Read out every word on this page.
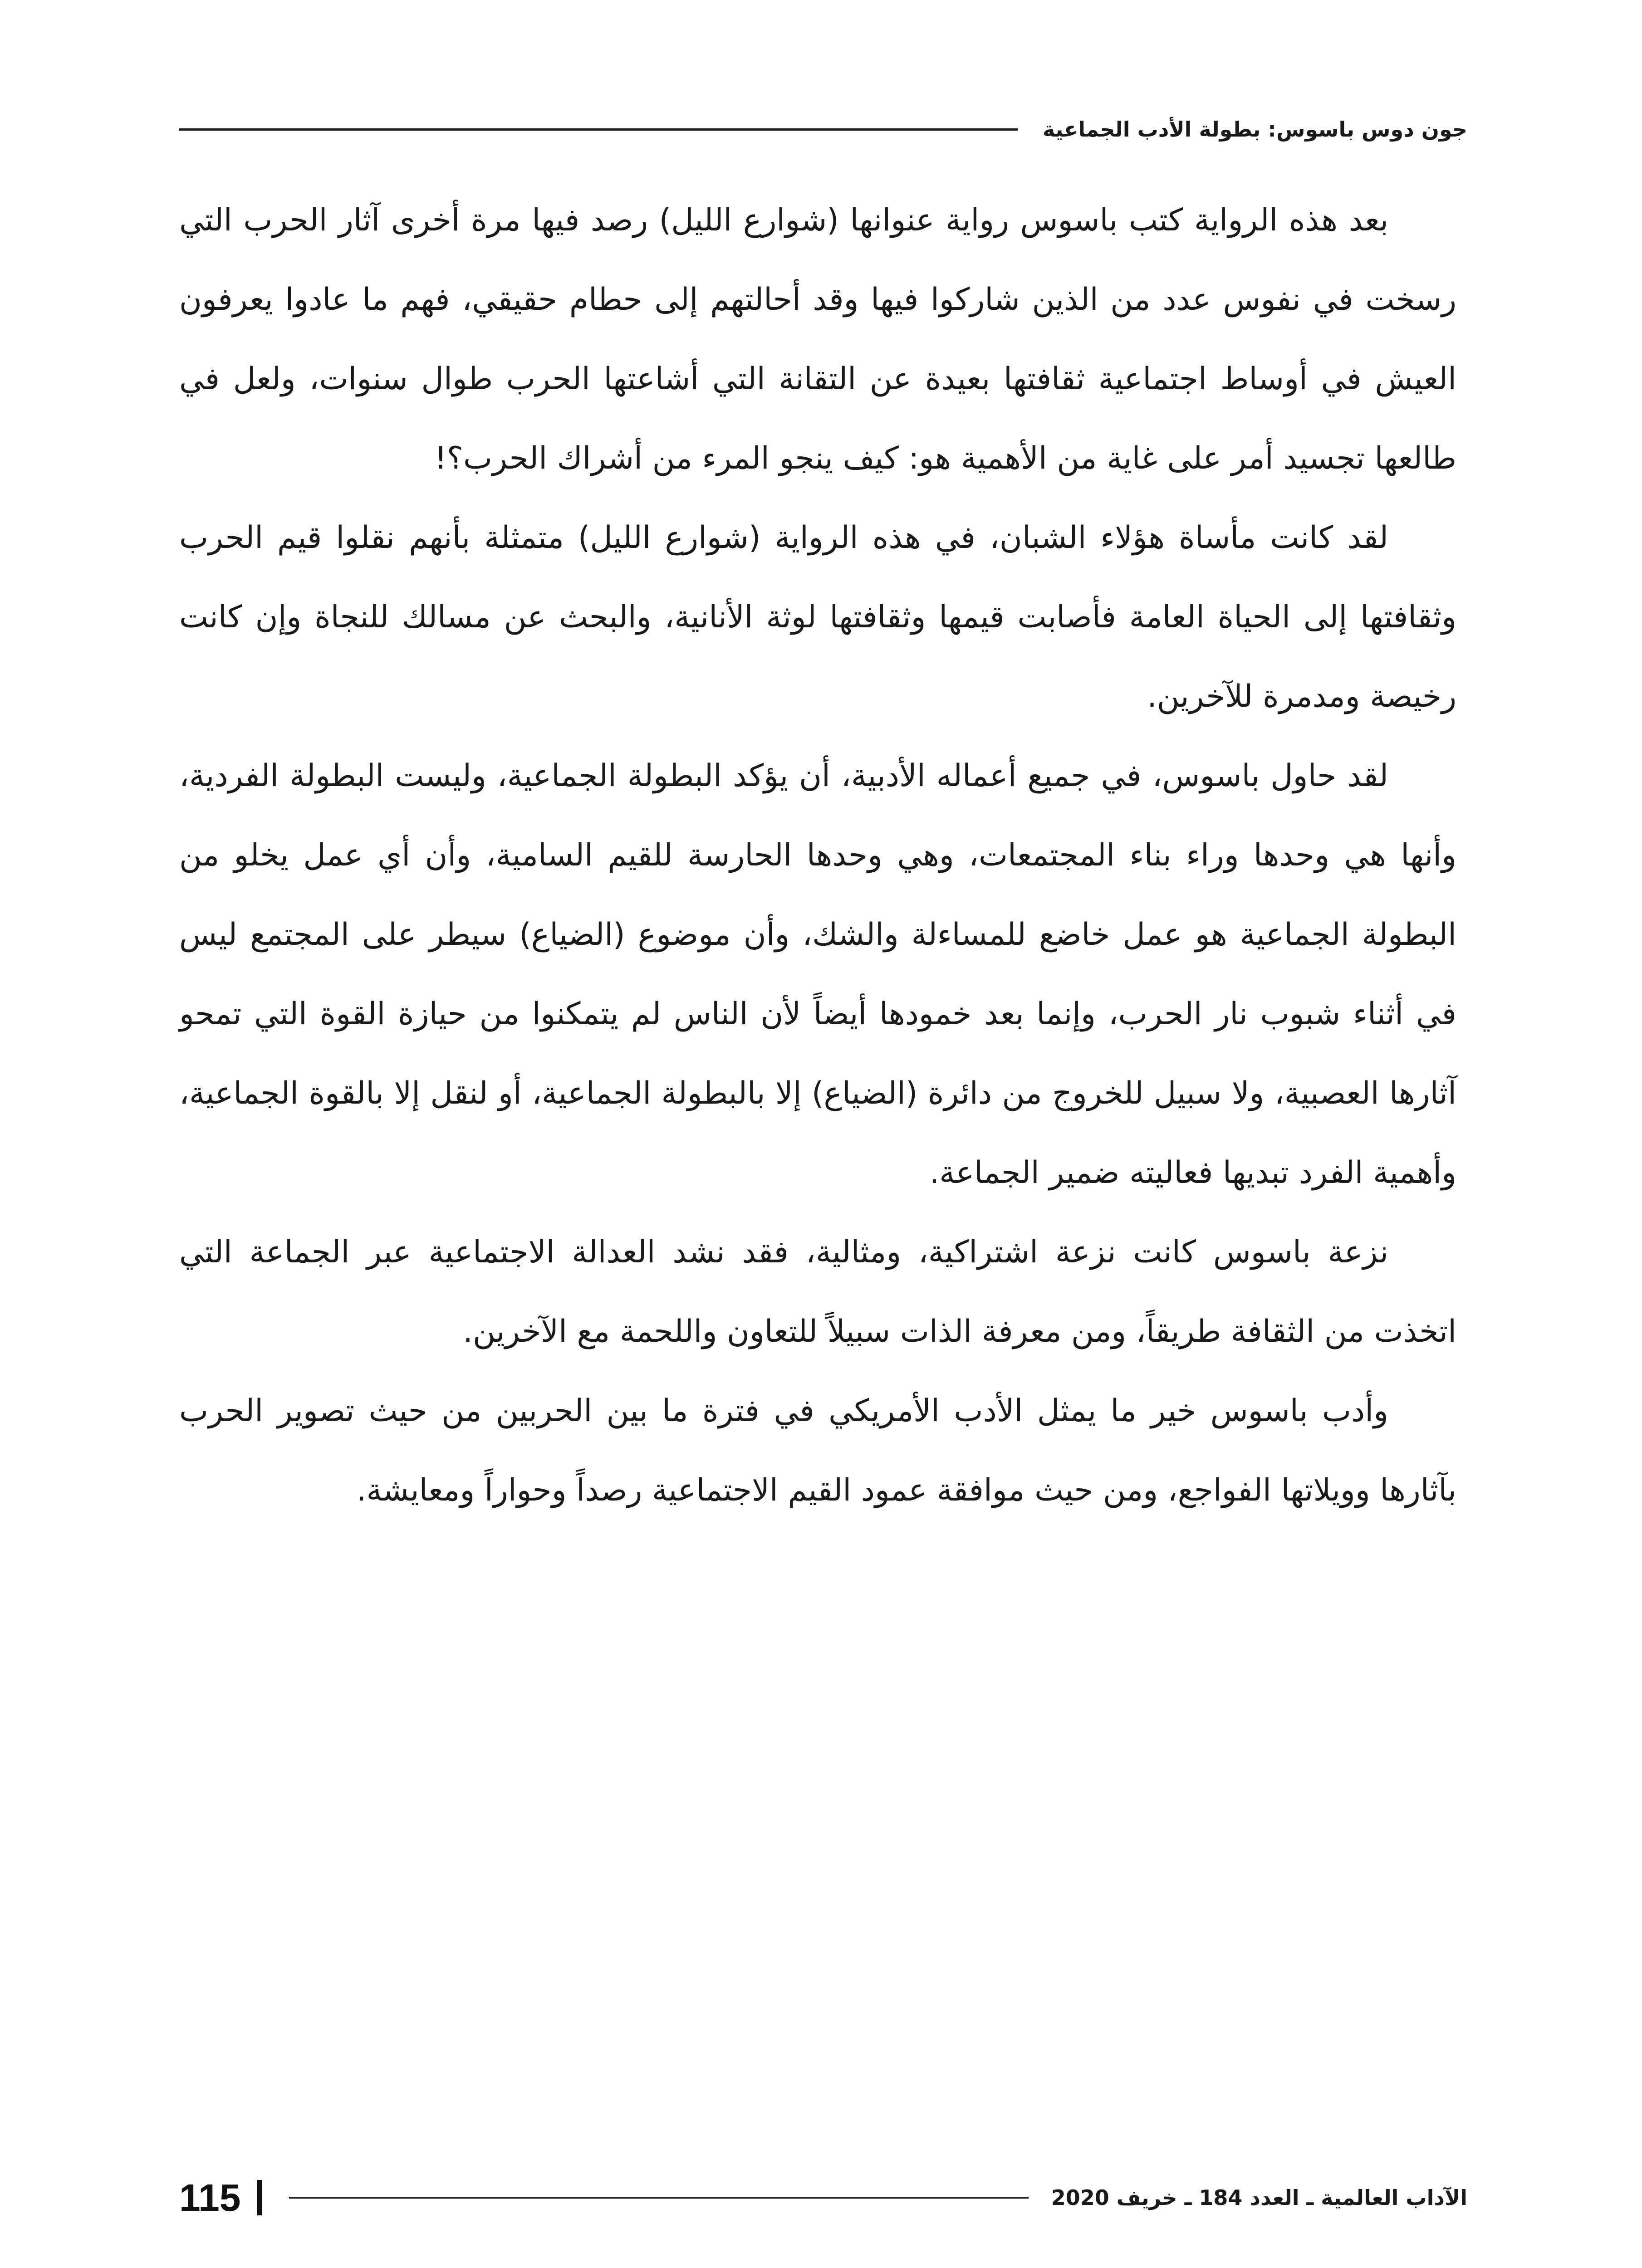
جون دوس باسوس: بطولة الأدب الجماعية

بعد هذه الرواية كتب باسوس رواية عنوانها (شوارع الليل) رصد فيها مرة أخرى آثار الحرب التي رسخت في نفوس عدد من الذين شاركوا فيها وقد أحالتهم إلى حطام حقيقي، فهم ما عادوا يعرفون العيش في أوساط اجتماعية ثقافتها بعيدة عن التقانة التي أشاعتها الحرب طوال سنوات، ولعل في طالعها تجسيد أمر على غاية من الأهمية هو: كيف ينجو المرء من أشراك الحرب؟!

لقد كانت مأساة هؤلاء الشبان، في هذه الرواية (شوارع الليل) متمثلة بأنهم نقلوا قيم الحرب وثقافتها إلى الحياة العامة فأصابت قيمها وثقافتها لوثة الأنانية، والبحث عن مسالك للنجاة وإن كانت رخيصة ومدمرة للآخرين.

لقد حاول باسوس، في جميع أعماله الأدبية، أن يؤكد البطولة الجماعية، وليست البطولة الفردية، وأنها هي وحدها وراء بناء المجتمعات، وهي وحدها الحارسة للقيم السامية، وأن أي عمل يخلو من البطولة الجماعية هو عمل خاضع للمساءلة والشك، وأن موضوع (الضياع) سيطر على المجتمع ليس في أثناء شبوب نار الحرب، وإنما بعد خمودها أيضاً لأن الناس لم يتمكنوا من حيازة القوة التي تمحو آثارها العصبية، ولا سبيل للخروج من دائرة (الضياع) إلا بالبطولة الجماعية، أو لنقل إلا بالقوة الجماعية، وأهمية الفرد تبديها فعاليته ضمير الجماعة.

نزعة باسوس كانت نزعة اشتراكية، ومثالية، فقد نشد العدالة الاجتماعية عبر الجماعة التي اتخذت من الثقافة طريقاً، ومن معرفة الذات سبيلاً للتعاون واللحمة مع الآخرين.

وأدب باسوس خير ما يمثل الأدب الأمريكي في فترة ما بين الحربين من حيث تصوير الحرب بآثارها وويلاتها الفواجع، ومن حيث موافقة عمود القيم الاجتماعية رصداً وحواراً ومعايشة.

115	الآداب العالمية ـ العدد 184 ـ خريف 2020
